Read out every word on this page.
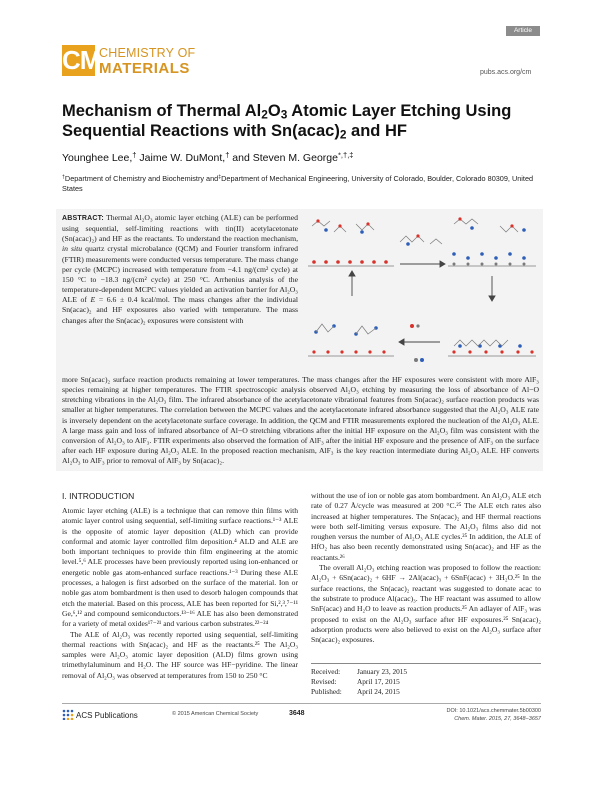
Article
CM
CHEMISTRY OF
MATERIALS	pubs.acs.org/cm
Mechanism of Thermal $Al_2O_3$ Atomic Layer Etching Using Sequential Reactions with $Sn(acac)_2$ and HF
Younghee Lee,† Jaime W. DuMont,† and Steven M. George*,†,‡
†Department of Chemistry and Biochemistry and‡Department of Mechanical Engineering, University of Colorado, Boulder, Colorado 80309, United States
ABSTRACT: Thermal Al₂O₃ atomic layer etching (ALE) can be performed using sequential, self-limiting reactions with tin(II) acetylacetonate (Sn(acac)₂) and HF as the reactants. To understand the reaction mechanism, in situ quartz crystal microbalance (QCM) and Fourier transform infrared (FTIR) measurements were conducted versus temperature. The mass change per cycle (MCPC) increased with temperature from −4.1 ng/(cm² cycle) at 150 °C to −18.3 ng/(cm² cycle) at 250 °C. Arrhenius analysis of the temperature-dependent MCPC values yielded an activation barrier for Al₂O₃ ALE of E = 6.6 ± 0.4 kcal/mol. The mass changes after the individual Sn(acac)₂ and HF exposures also varied with temperature. The mass changes after the Sn(acac)₂ exposures were consistent with
more Sn(acac)₂ surface reaction products remaining at lower temperatures. The mass changes after the HF exposures were consistent with more AlF₃ species remaining at higher temperatures. The FTIR spectroscopic analysis observed Al₂O₃ etching by measuring the loss of absorbance of Al−O stretching vibrations in the Al₂O₃ film. The infrared absorbance of the acetylacetonate vibrational features from Sn(acac)₂ surface reaction products was smaller at higher temperatures. The correlation between the MCPC values and the acetylacetonate infrared absorbance suggested that the Al₂O₃ ALE rate is inversely dependent on the acetylacetonate surface coverage. In addition, the QCM and FTIR measurements explored the nucleation of the Al₂O₃ ALE. A large mass gain and loss of infrared absorbance of Al−O stretching vibrations after the initial HF exposure on the Al₂O₃ film was consistent with the conversion of Al₂O₃ to AlF₃. FTIR experiments also observed the formation of AlF₃ after the initial HF exposure and the presence of AlF₃ on the surface after each HF exposure during Al₂O₃ ALE. In the proposed reaction mechanism, AlF₃ is the key reaction intermediate during Al₂O₃ ALE. HF converts Al₂O₃ to AlF₃ prior to removal of AlF₃ by Sn(acac)₂.
I. INTRODUCTION

Atomic layer etching (ALE) is a technique that can remove thin films with atomic layer control using sequential, self-limiting surface reactions.¹⁻³ ALE is the opposite of atomic layer deposition (ALD) which can provide conformal and atomic layer controlled film deposition.⁴ ALD and ALE are both important techniques to provide thin film engineering at the atomic level.⁵,⁶ ALE processes have been previously reported using ion-enhanced or energetic noble gas atom-enhanced surface reactions.¹⁻³ During these ALE processes, a halogen is first adsorbed on the surface of the material. Ion or noble gas atom bombardment is then used to desorb halogen compounds that etch the material. Based on this process, ALE has been reported for Si,²,³,⁷⁻¹¹ Ge,⁶,¹² and compound semiconductors.¹³⁻¹⁶ ALE has also been demonstrated for a variety of metal oxides¹⁷⁻²¹ and various carbon substrates.²²⁻²⁴

The ALE of Al₂O₃ was recently reported using sequential, self-limiting thermal reactions with Sn(acac)₂ and HF as the reactants.²⁵ The Al₂O₃ samples were Al₂O₃ atomic layer deposition (ALD) films grown using trimethylaluminum and H₂O. The HF source was HF−pyridine. The linear removal of Al₂O₃ was observed at temperatures from 150 to 250 °C

without the use of ion or noble gas atom bombardment. An Al₂O₃ ALE etch rate of 0.27 Å/cycle was measured at 200 °C.²⁵ The ALE etch rates also increased at higher temperatures. The Sn(acac)₂ and HF thermal reactions were both self-limiting versus exposure. The Al₂O₃ films also did not roughen versus the number of Al₂O₃ ALE cycles.²⁵ In addition, the ALE of HfO₂ has also been recently demonstrated using Sn(acac)₂ and HF as the reactants.²⁶

The overall Al₂O₃ etching reaction was proposed to follow the reaction: Al₂O₃ + 6Sn(acac)₂ + 6HF → 2Al(acac)₃ + 6SnF(acac) + 3H₂O.²⁵ In the surface reactions, the Sn(acac)₂ reactant was suggested to donate acac to the substrate to produce Al(acac)₃. The HF reactant was assumed to allow SnF(acac) and H₂O to leave as reaction products.²⁵ An adlayer of AlF₃ was proposed to exist on the Al₂O₃ surface after HF exposures.²⁵ Sn(acac)₂ adsorption products were also believed to exist on the Al₂O₃ surface after Sn(acac)₂ exposures.

Received: January 23, 2015
Revised:	April 17, 2015
Published: April 24, 2015
ACS Publications	© 2015 American Chemical Society	3648	DOI: 10.1021/acs.chemmater.5b00300
Chem. Mater. 2015, 27, 3648−3657
